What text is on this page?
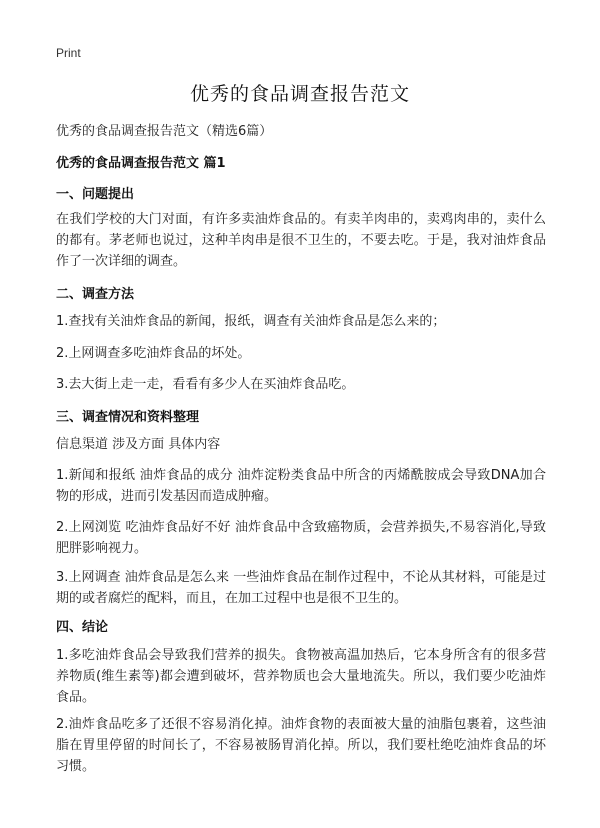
Print
优秀的食品调查报告范文
优秀的食品调查报告范文（精选6篇）
优秀的食品调查报告范文 篇1
一、问题提出
在我们学校的大门对面，有许多卖油炸食品的。有卖羊肉串的，卖鸡肉串的，卖什么的都有。茅老师也说过，这种羊肉串是很不卫生的，不要去吃。于是，我对油炸食品作了一次详细的调查。
二、调查方法
1.查找有关油炸食品的新闻，报纸，调查有关油炸食品是怎么来的；
2.上网调查多吃油炸食品的坏处。
3.去大街上走一走，看看有多少人在买油炸食品吃。
三、调查情况和资料整理
信息渠道 涉及方面 具体内容
1.新闻和报纸 油炸食品的成分 油炸淀粉类食品中所含的丙烯酰胺成会导致DNA加合物的形成，进而引发基因而造成肿瘤。
2.上网浏览 吃油炸食品好不好 油炸食品中含致癌物质，会营养损失,不易容消化,导致肥胖影响视力。
3.上网调查 油炸食品是怎么来 一些油炸食品在制作过程中，不论从其材料，可能是过期的或者腐烂的配料，而且，在加工过程中也是很不卫生的。
四、结论
1.多吃油炸食品会导致我们营养的损失。食物被高温加热后，它本身所含有的很多营养物质(维生素等)都会遭到破坏，营养物质也会大量地流失。所以，我们要少吃油炸食品。
2.油炸食品吃多了还很不容易消化掉。油炸食物的表面被大量的油脂包裹着，这些油脂在胃里停留的时间长了，不容易被肠胃消化掉。所以，我们要杜绝吃油炸食品的坏习惯。
